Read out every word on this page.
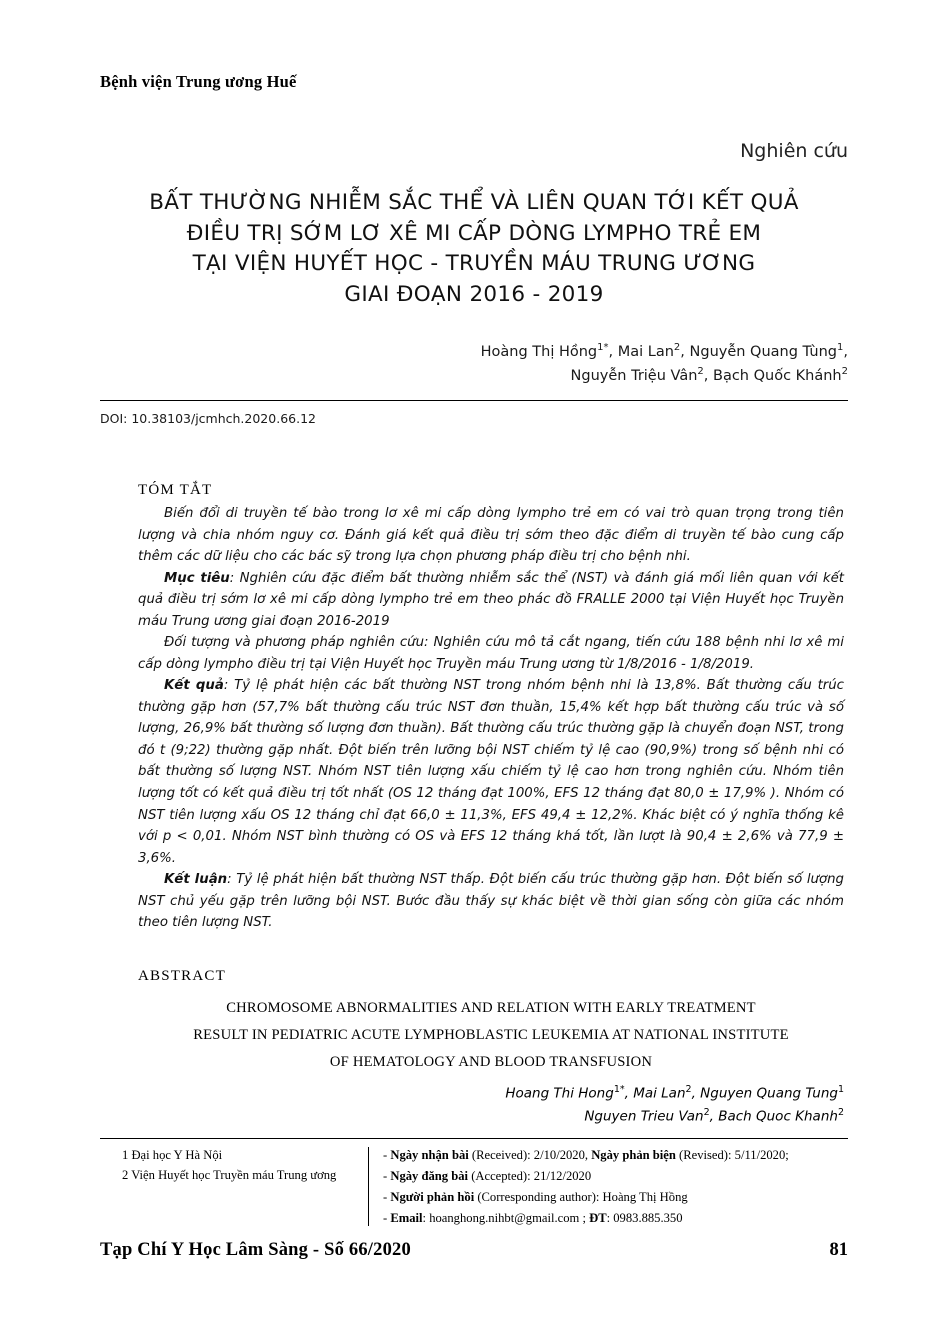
Bệnh viện Trung ương Huế
Nghiên cứu
BẤT THƯỜNG NHIỄM SẮC THỂ VÀ LIÊN QUAN TỚI KẾT QUẢ
ĐIỀU TRỊ SỚM LƠ XÊ MI CẤP DÒNG LYMPHO TRẺ EM
TẠI VIỆN HUYẾT HỌC - TRUYỀN MÁU TRUNG ƯƠNG
GIAI ĐOẠN 2016 - 2019
Hoàng Thị Hồng$^{1*}$, Mai Lan$^2$, Nguyễn Quang Tùng$^1$,
Nguyễn Triệu Vân$^2$, Bạch Quốc Khánh$^2$
DOI: 10.38103/jcmhch.2020.66.12
TÓM TẮT

Biến đổi di truyền tế bào trong lơ xê mi cấp dòng lympho trẻ em có vai trò quan trọng trong tiên lượng và chia nhóm nguy cơ. Đánh giá kết quả điều trị sớm theo đặc điểm di truyền tế bào cung cấp thêm các dữ liệu cho các bác sỹ trong lựa chọn phương pháp điều trị cho bệnh nhi.

Mục tiêu: Nghiên cứu đặc điểm bất thường nhiễm sắc thể (NST) và đánh giá mối liên quan với kết quả điều trị sớm lơ xê mi cấp dòng lympho trẻ em theo phác đồ FRALLE 2000 tại Viện Huyết học Truyền máu Trung ương giai đoạn 2016-2019

Đối tượng và phương pháp nghiên cứu: Nghiên cứu mô tả cắt ngang, tiến cứu 188 bệnh nhi lơ xê mi cấp dòng lympho điều trị tại Viện Huyết học Truyền máu Trung ương từ 1/8/2016 - 1/8/2019.

Kết quả: Tỷ lệ phát hiện các bất thường NST trong nhóm bệnh nhi là 13,8%. Bất thường cấu trúc thường gặp hơn (57,7% bất thường cấu trúc NST đơn thuần, 15,4% kết hợp bất thường cấu trúc và số lượng, 26,9% bất thường số lượng đơn thuần). Bất thường cấu trúc thường gặp là chuyển đoạn NST, trong đó t (9;22) thường gặp nhất. Đột biến trên lưỡng bội NST chiếm tỷ lệ cao (90,9%) trong số bệnh nhi có bất thường số lượng NST. Nhóm NST tiên lượng xấu chiếm tỷ lệ cao hơn trong nghiên cứu. Nhóm tiên lượng tốt có kết quả điều trị tốt nhất (OS 12 tháng đạt 100%, EFS 12 tháng đạt 80,0 ± 17,9% ). Nhóm có NST tiên lượng xấu OS 12 tháng chỉ đạt 66,0 ± 11,3%, EFS 49,4 ± 12,2%. Khác biệt có ý nghĩa thống kê với p < 0,01. Nhóm NST bình thường có OS và EFS 12 tháng khá tốt, lần lượt là 90,4 ± 2,6% và 77,9 ± 3,6%.

Kết luận: Tỷ lệ phát hiện bất thường NST thấp. Đột biến cấu trúc thường gặp hơn. Đột biến số lượng NST chủ yếu gặp trên lưỡng bội NST. Bước đầu thấy sự khác biệt về thời gian sống còn giữa các nhóm theo tiên lượng NST.

ABSTRACT
CHROMOSOME ABNORMALITIES AND RELATION WITH EARLY TREATMENT
RESULT IN PEDIATRIC ACUTE LYMPHOBLASTIC LEUKEMIA AT NATIONAL INSTITUTE
OF HEMATOLOGY AND BLOOD TRANSFUSION
Hoang Thi Hong$^{1*}$, Mai Lan$^2$, Nguyen Quang Tung$^1$
Nguyen Trieu Van$^2$, Bach Quoc Khanh$^2$
1 Đại học Y Hà Nội
2 Viện Huyết học Truyền máu Trung ương
- Ngày nhận bài (Received): 2/10/2020, Ngày phản biện (Revised): 5/11/2020;
- Ngày đăng bài (Accepted): 21/12/2020
- Người phản hồi (Corresponding author): Hoàng Thị Hồng
- Email: hoanghong.nihbt@gmail.com ; ĐT: 0983.885.350
Tạp Chí Y Học Lâm Sàng - Số 66/2020	81
